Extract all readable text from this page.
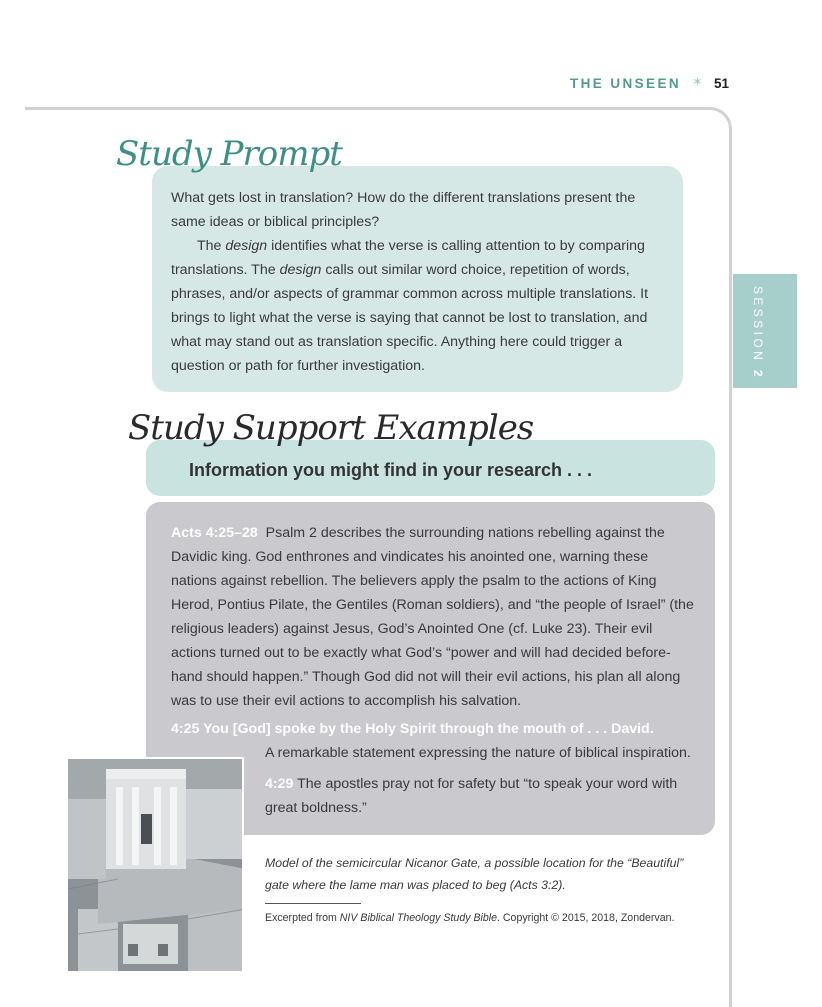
THE UNSEEN ✶ 51
SESSION 2
Study Prompt

What gets lost in translation? How do the different translations present the same ideas or biblical principles?

The design identifies what the verse is calling attention to by comparing translations. The design calls out similar word choice, repetition of words, phrases, and/or aspects of grammar common across multiple translations. It brings to light what the verse is saying that cannot be lost to translation, and what may stand out as translation specific. Anything here could trigger a question or path for further investigation.

Study Support Examples
Information you might find in your research . . .

Acts 4:25–28 Psalm 2 describes the surrounding nations rebelling against the Davidic king. God enthrones and vindicates his anointed one, warning these nations against rebellion. The believers apply the psalm to the actions of King Herod, Pontius Pilate, the Gentiles (Roman soldiers), and “the people of Israel” (the religious leaders) against Jesus, God’s Anointed One (cf. Luke 23). Their evil actions turned out to be exactly what God’s “power and will had decided before-hand should happen.” Though God did not will their evil actions, his plan all along was to use their evil actions to accomplish his salvation.

4:25 You [God] spoke by the Holy Spirit through the mouth of . . . David.

A remarkable statement expressing the nature of biblical inspiration.

4:29 The apostles pray not for safety but “to speak your word with great boldness.”

Model of the semicircular Nicanor Gate, a possible location for the “Beautiful” gate where the lame man was placed to beg (Acts 3:2).
Excerpted from NIV Biblical Theology Study Bible. Copyright © 2015, 2018, Zondervan.
